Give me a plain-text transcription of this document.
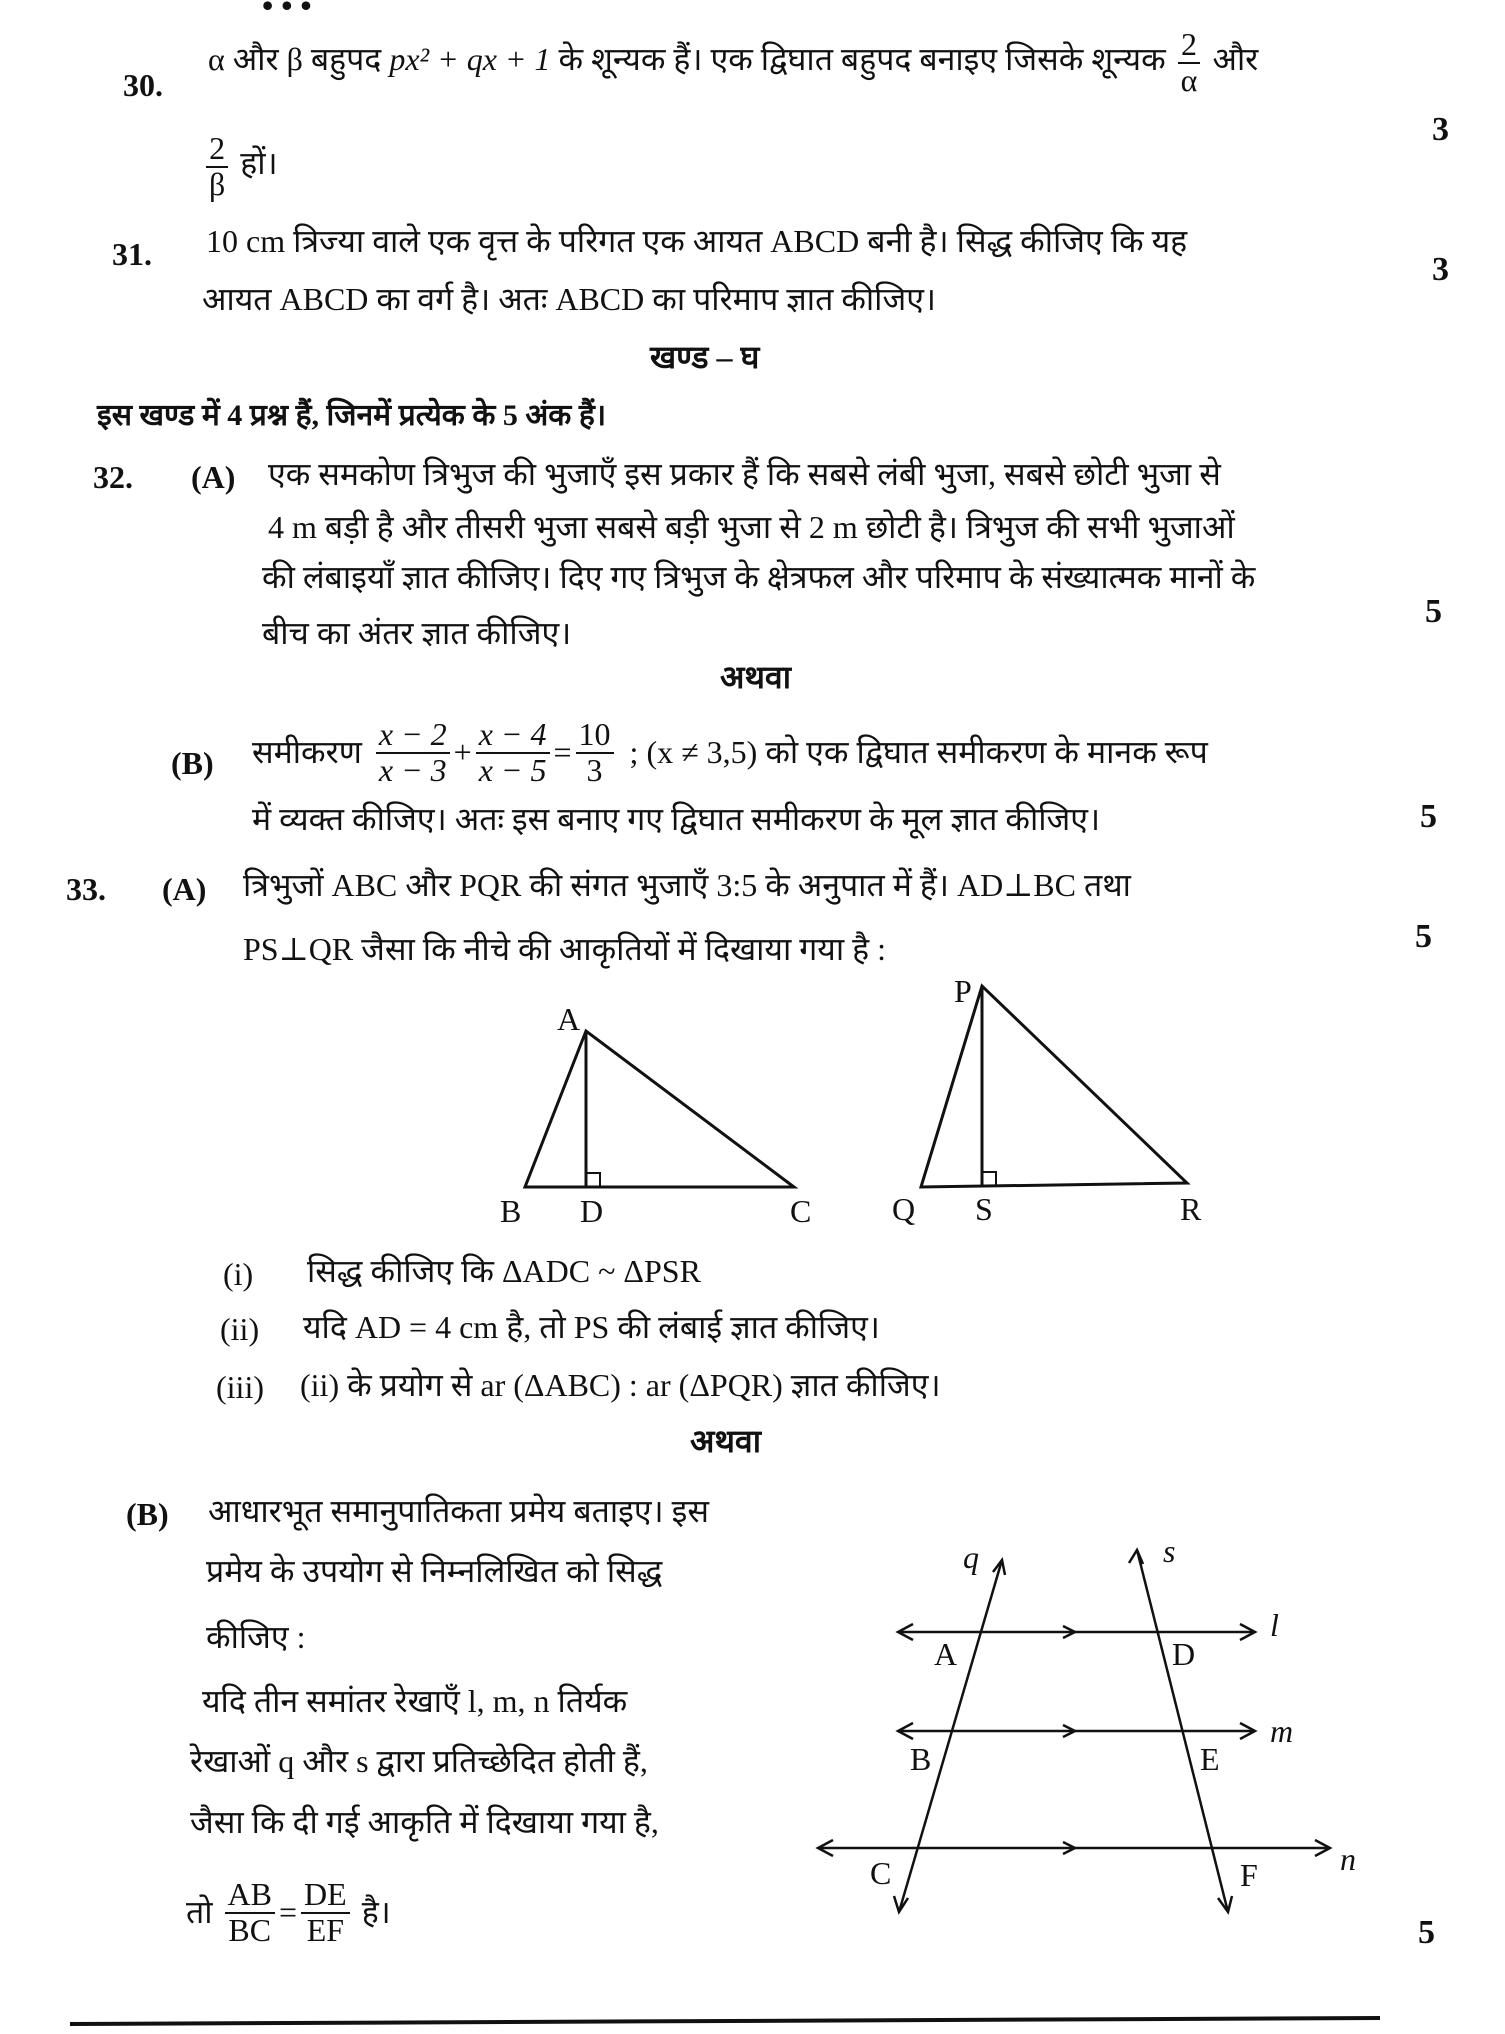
• • •
30.
α और β बहुपद px² + qx + 1 के शून्यक हैं। एक द्विघात बहुपद बनाइए जिसके शून्यक $\frac{2}{\alpha}$ और
$\frac{2}{\beta}$ हों।
3
31. 10 cm त्रिज्या वाले एक वृत्त के परिगत एक आयत ABCD बनी है। सिद्ध कीजिए कि यह
आयत ABCD का वर्ग है। अतः ABCD का परिमाप ज्ञात कीजिए।
3
खण्ड – घ
इस खण्ड में 4 प्रश्न हैं, जिनमें प्रत्येक के 5 अंक हैं।
32. (A) एक समकोण त्रिभुज की भुजाएँ इस प्रकार हैं कि सबसे लंबी भुजा, सबसे छोटी भुजा से
4 m बड़ी है और तीसरी भुजा सबसे बड़ी भुजा से 2 m छोटी है। त्रिभुज की सभी भुजाओं
की लंबाइयाँ ज्ञात कीजिए। दिए गए त्रिभुज के क्षेत्रफल और परिमाप के संख्यात्मक मानों के
बीच का अंतर ज्ञात कीजिए।
5
अथवा
(B) समीकरण $\frac{x - 2}{x - 3} + \frac{x - 4}{x - 5} = \frac{10}{3}$ ; (x ≠ 3,5) को एक द्विघात समीकरण के मानक रूप
में व्यक्त कीजिए। अतः इस बनाए गए द्विघात समीकरण के मूल ज्ञात कीजिए।	5
33. (A) त्रिभुजों ABC और PQR की संगत भुजाएँ 3:5 के अनुपात में हैं। AD⊥BC तथा
PS⊥QR जैसा कि नीचे की आकृतियों में दिखाया गया है :	5
A
B D	C
P
Q S	R
q	s
l
m
n
A
B
C
D
E
F
(i) सिद्ध कीजिए कि ΔADC ~ ΔPSR
(ii) यदि AD = 4 cm है, तो PS की लंबाई ज्ञात कीजिए।
(iii) (ii) के प्रयोग से ar (ΔABC) : ar (ΔPQR) ज्ञात कीजिए।
अथवा
(B) आधारभूत समानुपातिकता प्रमेय बताइए। इस
प्रमेय के उपयोग से निम्नलिखित को सिद्ध
कीजिए :
यदि तीन समांतर रेखाएँ l, m, n तिर्यक
रेखाओं q और s द्वारा प्रतिच्छेदित होती हैं,
जैसा कि दी गई आकृति में दिखाया गया है,
तो $\frac{AB}{BC} = \frac{DE}{EF}$ है।
5
